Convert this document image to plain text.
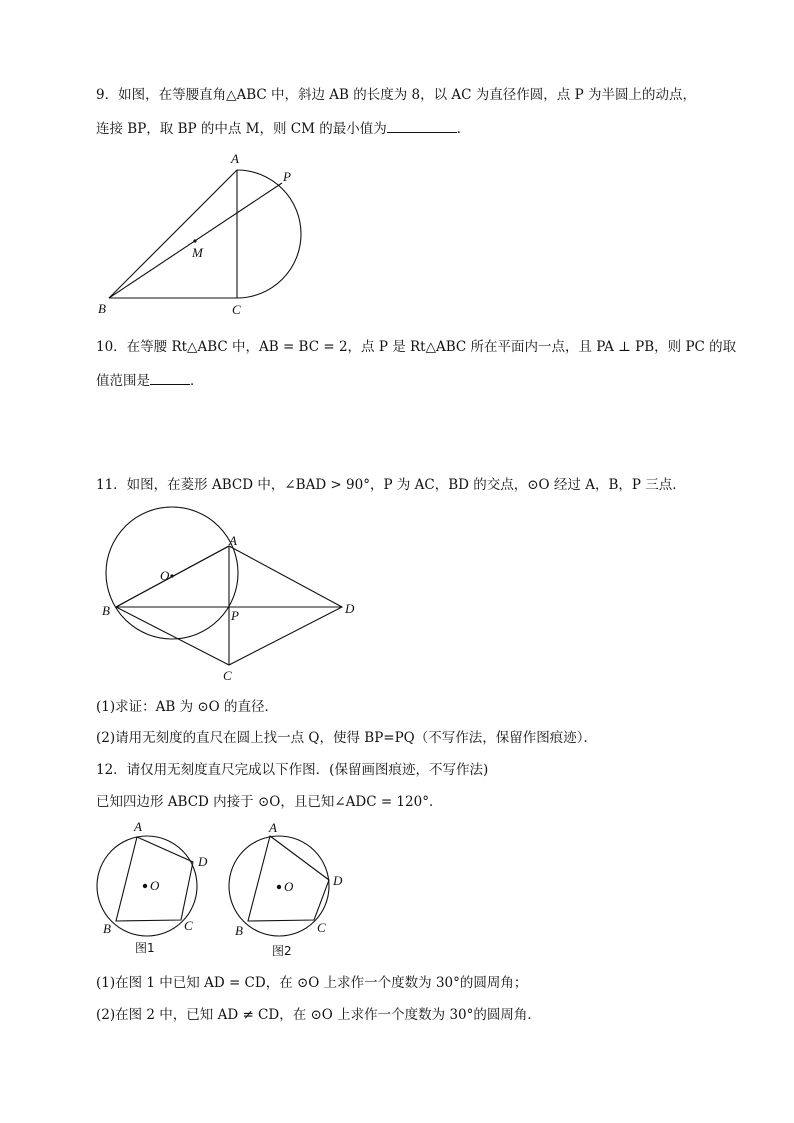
9．如图，在等腰直角△ABC 中，斜边 AB 的长度为 8，以 AC 为直径作圆，点 P 为半圆上的动点，
连接 BP，取 BP 的中点 M，则 CM 的最小值为	．
A
P
M
B	C
10．在等腰 Rt△ABC 中，AB = BC = 2，点 P 是 Rt△ABC 所在平面内一点，且 PA ⊥ PB，则 PC 的取
值范围是	．
11．如图，在菱形 ABCD 中，∠BAD > 90°，P 为 AC，BD 的交点，⊙O 经过 A，B，P 三点．
A
O
B	P	D
C
(1)求证：AB 为 ⊙O 的直径．
(2)请用无刻度的直尺在圆上找一点 Q，使得 BP=PQ（不写作法，保留作图痕迹）．
12．请仅用无刻度直尺完成以下作图．(保留画图痕迹，不写作法)
已知四边形 ABCD 内接于 ⊙O，且已知∠ADC = 120°．
A
D
O
B	C
图1
A
D
O
B	C
图2
(1)在图 1 中已知 AD = CD，在 ⊙O 上求作一个度数为 30°的圆周角；
(2)在图 2 中，已知 AD ≠ CD，在 ⊙O 上求作一个度数为 30°的圆周角．
